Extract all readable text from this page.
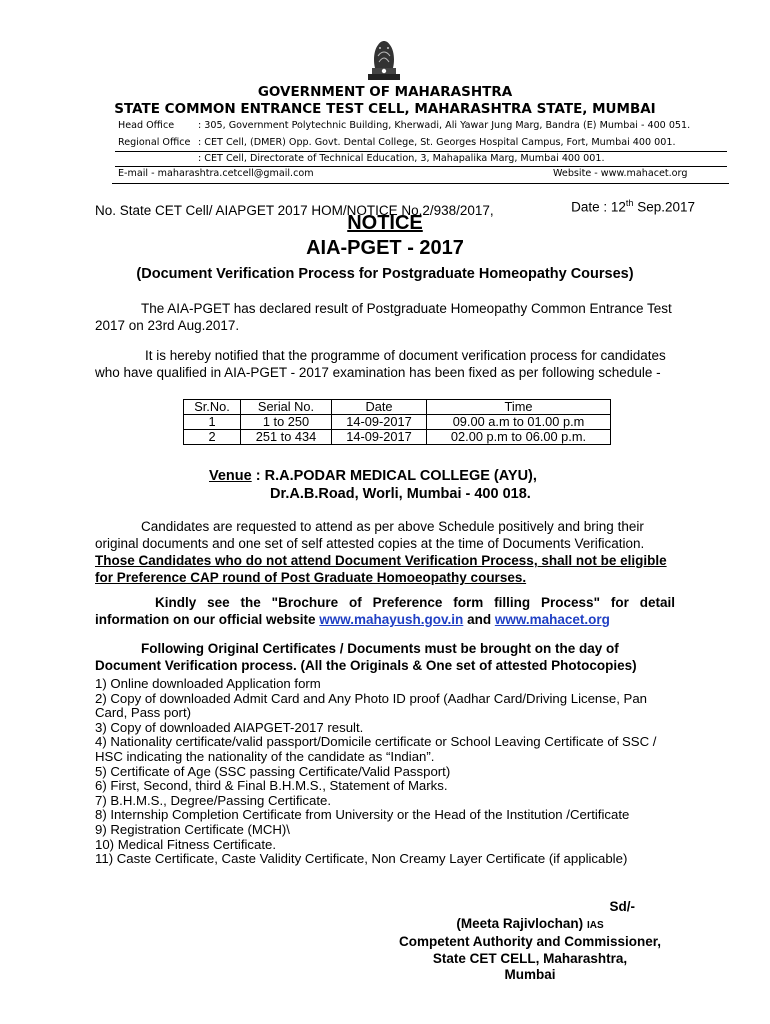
GOVERNMENT OF MAHARASHTRA
STATE COMMON ENTRANCE TEST CELL, MAHARASHTRA STATE, MUMBAI
Head Office : 305, Government Polytechnic Building, Kherwadi, Ali Yawar Jung Marg, Bandra (E) Mumbai - 400 051.
Regional Office : CET Cell, (DMER) Opp. Govt. Dental College, St. Georges Hospital Campus, Fort, Mumbai 400 001.
: CET Cell, Directorate of Technical Education, 3, Mahapalika Marg, Mumbai 400 001.
E-mail - maharashtra.cetcell@gmail.com	Website - www.mahacet.org
No. State CET Cell/ AIAPGET 2017 HOM/NOTICE No.2/938/2017,	Date : 12th Sep.2017
NOTICE
AIA-PGET - 2017
(Document Verification Process for Postgraduate Homeopathy Courses)
The AIA-PGET has declared result of Postgraduate Homeopathy Common Entrance Test 2017 on 23rd Aug.2017.
It is hereby notified that the programme of document verification process for candidates who have qualified in AIA-PGET - 2017 examination has been fixed as per following schedule -
Sr.No.	Serial No.	Date	Time
1	1 to 250	14-09-2017	09.00 a.m to 01.00 p.m
2	251 to 434	14-09-2017	02.00 p.m to 06.00 p.m.
Venue : R.A.PODAR MEDICAL COLLEGE (AYU),
Dr.A.B.Road, Worli, Mumbai - 400 018.
Candidates are requested to attend as per above Schedule positively and bring their original documents and one set of self attested copies at the time of Documents Verification. Those Candidates who do not attend Document Verification Process, shall not be eligible for Preference CAP round of Post Graduate Homoeopathy courses.
Kindly see the "Brochure of Preference form filling Process" for detail information on our official website www.mahayush.gov.in and www.mahacet.org
Following Original Certificates / Documents must be brought on the day of Document Verification process. (All the Originals & One set of attested Photocopies)
1) Online downloaded Application form
2) Copy of downloaded Admit Card and Any Photo ID proof (Aadhar Card/Driving License, Pan Card, Pass port)
3) Copy of downloaded AIAPGET-2017 result.
4) Nationality certificate/valid passport/Domicile certificate or School Leaving Certificate of SSC / HSC indicating the nationality of the candidate as “Indian”.
5) Certificate of Age (SSC passing Certificate/Valid Passport)
6) First, Second, third & Final B.H.M.S., Statement of Marks.
7) B.H.M.S., Degree/Passing Certificate.
8) Internship Completion Certificate from University or the Head of the Institution /Certificate
9) Registration Certificate (MCH)\
10) Medical Fitness Certificate.
11) Caste Certificate, Caste Validity Certificate, Non Creamy Layer Certificate (if applicable)
Sd/-
(Meeta Rajivlochan) IAS
Competent Authority and Commissioner,
State CET CELL, Maharashtra,
Mumbai
